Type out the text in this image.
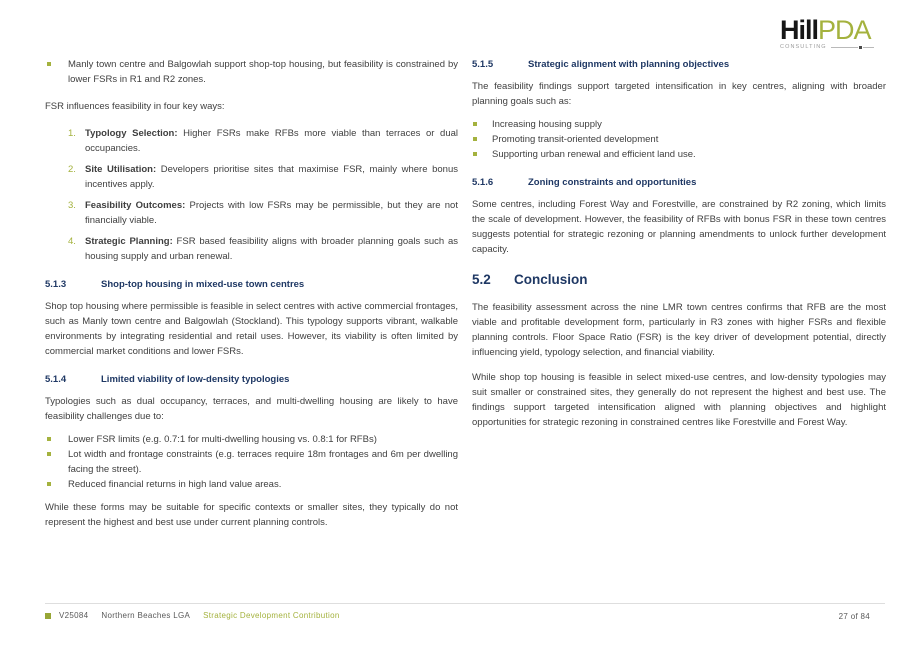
HillPDA
CONSULTING
Manly town centre and Balgowlah support shop-top housing, but feasibility is constrained by lower FSRs in R1 and R2 zones.

FSR influences feasibility in four key ways:

1. Typology Selection: Higher FSRs make RFBs more viable than terraces or dual occupancies.
2. Site Utilisation: Developers prioritise sites that maximise FSR, mainly where bonus incentives apply.
3. Feasibility Outcomes: Projects with low FSRs may be permissible, but they are not financially viable.
4. Strategic Planning: FSR based feasibility aligns with broader planning goals such as housing supply and urban renewal.
5.1.3	Shop-top housing in mixed-use town centres

Shop top housing where permissible is feasible in select centres with active commercial frontages, such as Manly town centre and Balgowlah (Stockland). This typology supports vibrant, walkable environments by integrating residential and retail uses. However, its viability is often limited by commercial market conditions and lower FSRs.

5.1.4	Limited viability of low-density typologies

Typologies such as dual occupancy, terraces, and multi-dwelling housing are likely to have feasibility challenges due to:

Lower FSR limits (e.g. 0.7:1 for multi-dwelling housing vs. 0.8:1 for RFBs)
Lot width and frontage constraints (e.g. terraces require 18m frontages and 6m per dwelling facing the street).
Reduced financial returns in high land value areas.

While these forms may be suitable for specific contexts or smaller sites, they typically do not represent the highest and best use under current planning controls.

5.1.5	Strategic alignment with planning objectives

The feasibility findings support targeted intensification in key centres, aligning with broader planning goals such as:

Increasing housing supply
Promoting transit-oriented development
Supporting urban renewal and efficient land use.
5.1.6	Zoning constraints and opportunities

Some centres, including Forest Way and Forestville, are constrained by R2 zoning, which limits the scale of development. However, the feasibility of RFBs with bonus FSR in these town centres suggests potential for strategic rezoning or planning amendments to unlock further development capacity.

5.2	Conclusion

The feasibility assessment across the nine LMR town centres confirms that RFB are the most viable and profitable development form, particularly in R3 zones with higher FSRs and flexible planning controls. Floor Space Ratio (FSR) is the key driver of development potential, directly influencing yield, typology selection, and financial viability.

While shop top housing is feasible in select mixed-use centres, and low-density typologies may suit smaller or constrained sites, they generally do not represent the highest and best use. The findings support targeted intensification aligned with planning objectives and highlight opportunities for strategic rezoning in constrained centres like Forestville and Forest Way.

V25084 Northern Beaches LGA Strategic Development Contribution	27 of 84
